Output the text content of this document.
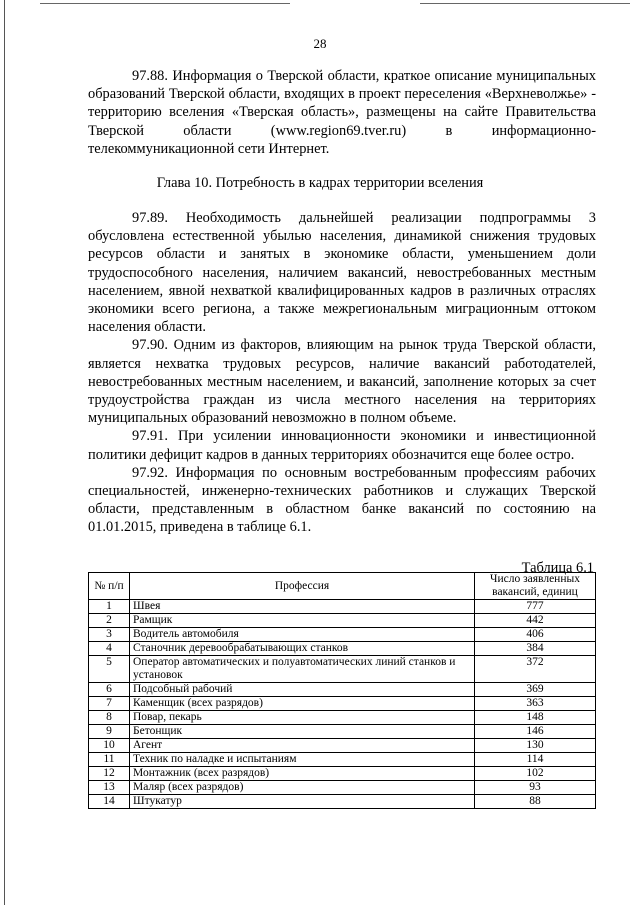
28

97.88. Информация о Тверской области, краткое описание муниципальных образований Тверской области, входящих в проект переселения «Верхневолжье» - территорию вселения «Тверская область», размещены на сайте Правительства Тверской области (www.region69.tver.ru) в информационно-телекоммуникационной сети Интернет.

Глава 10. Потребность в кадрах территории вселения

97.89. Необходимость дальнейшей реализации подпрограммы 3 обусловлена естественной убылью населения, динамикой снижения трудовых ресурсов области и занятых в экономике области, уменьшением доли трудоспособного населения, наличием вакансий, невостребованных местным населением, явной нехваткой квалифицированных кадров в различных отраслях экономики всего региона, а также межрегиональным миграционным оттоком населения области.

97.90. Одним из факторов, влияющим на рынок труда Тверской области, является нехватка трудовых ресурсов, наличие вакансий работодателей, невостребованных местным населением, и вакансий, заполнение которых за счет трудоустройства граждан из числа местного населения на территориях муниципальных образований невозможно в полном объеме.

97.91. При усилении инновационности экономики и инвестиционной политики дефицит кадров в данных территориях обозначится еще более остро.

97.92. Информация по основным востребованным профессиям рабочих специальностей, инженерно-технических работников и служащих Тверской области, представленным в областном банке вакансий по состоянию на 01.01.2015, приведена в таблице 6.1.

Таблица 6.1
№ п/п	Профессия	Число заявленных вакансий, единиц
1	Швея	777
2	Рамщик	442
3	Водитель автомобиля	406
4	Станочник деревообрабатывающих станков	384
5	Оператор автоматических и полуавтоматических линий станков и установок	372
6	Подсобный рабочий	369
7	Каменщик (всех разрядов)	363
8	Повар, пекарь	148
9	Бетонщик	146
10	Агент	130
11	Техник по наладке и испытаниям	114
12	Монтажник (всех разрядов)	102
13	Маляр (всех разрядов)	93
14	Штукатур	88
